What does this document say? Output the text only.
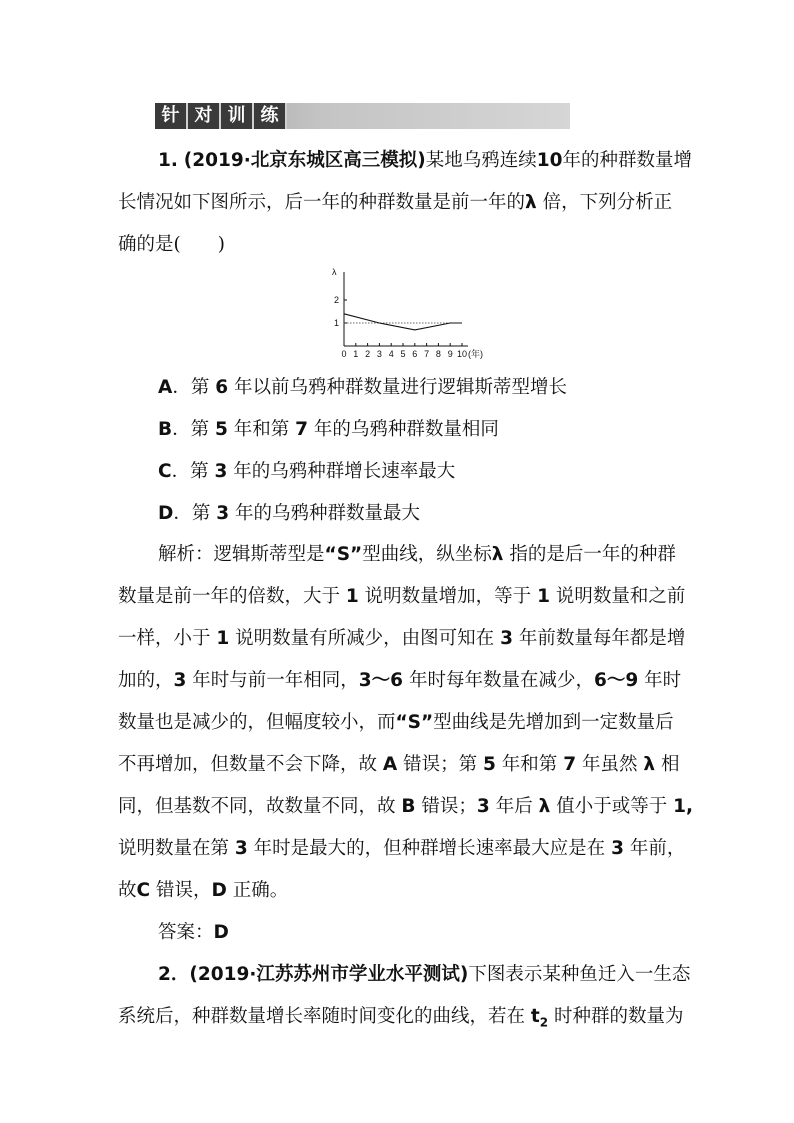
针 对 训 练
1. (2019·北京东城区高三模拟)某地乌鸦连续10年的种群数量增
长情况如下图所示，后一年的种群数量是前一年的λ 倍，下列分析正
确的是(　　)
λ
1
2
0 1 2 3 4 5 6 7 8 9 10 (年)
A．第 6 年以前乌鸦种群数量进行逻辑斯蒂型增长
B．第 5 年和第 7 年的乌鸦种群数量相同
C．第 3 年的乌鸦种群增长速率最大
D．第 3 年的乌鸦种群数量最大
解析：逻辑斯蒂型是“S”型曲线，纵坐标λ 指的是后一年的种群
数量是前一年的倍数，大于 1 说明数量增加，等于 1 说明数量和之前
一样，小于 1 说明数量有所减少，由图可知在 3 年前数量每年都是增
加的，3 年时与前一年相同，3～6 年时每年数量在减少，6～9 年时
数量也是减少的，但幅度较小，而“S”型曲线是先增加到一定数量后
不再增加，但数量不会下降，故 A 错误；第 5 年和第 7 年虽然 λ 相
同，但基数不同，故数量不同，故 B 错误；3 年后 λ 值小于或等于 1,
说明数量在第 3 年时是最大的，但种群增长速率最大应是在 3 年前，
故C 错误，D 正确。
答案：D
2．(2019·江苏苏州市学业水平测试)下图表示某种鱼迁入一生态
系统后，种群数量增长率随时间变化的曲线，若在 $t_2$ 时种群的数量为
